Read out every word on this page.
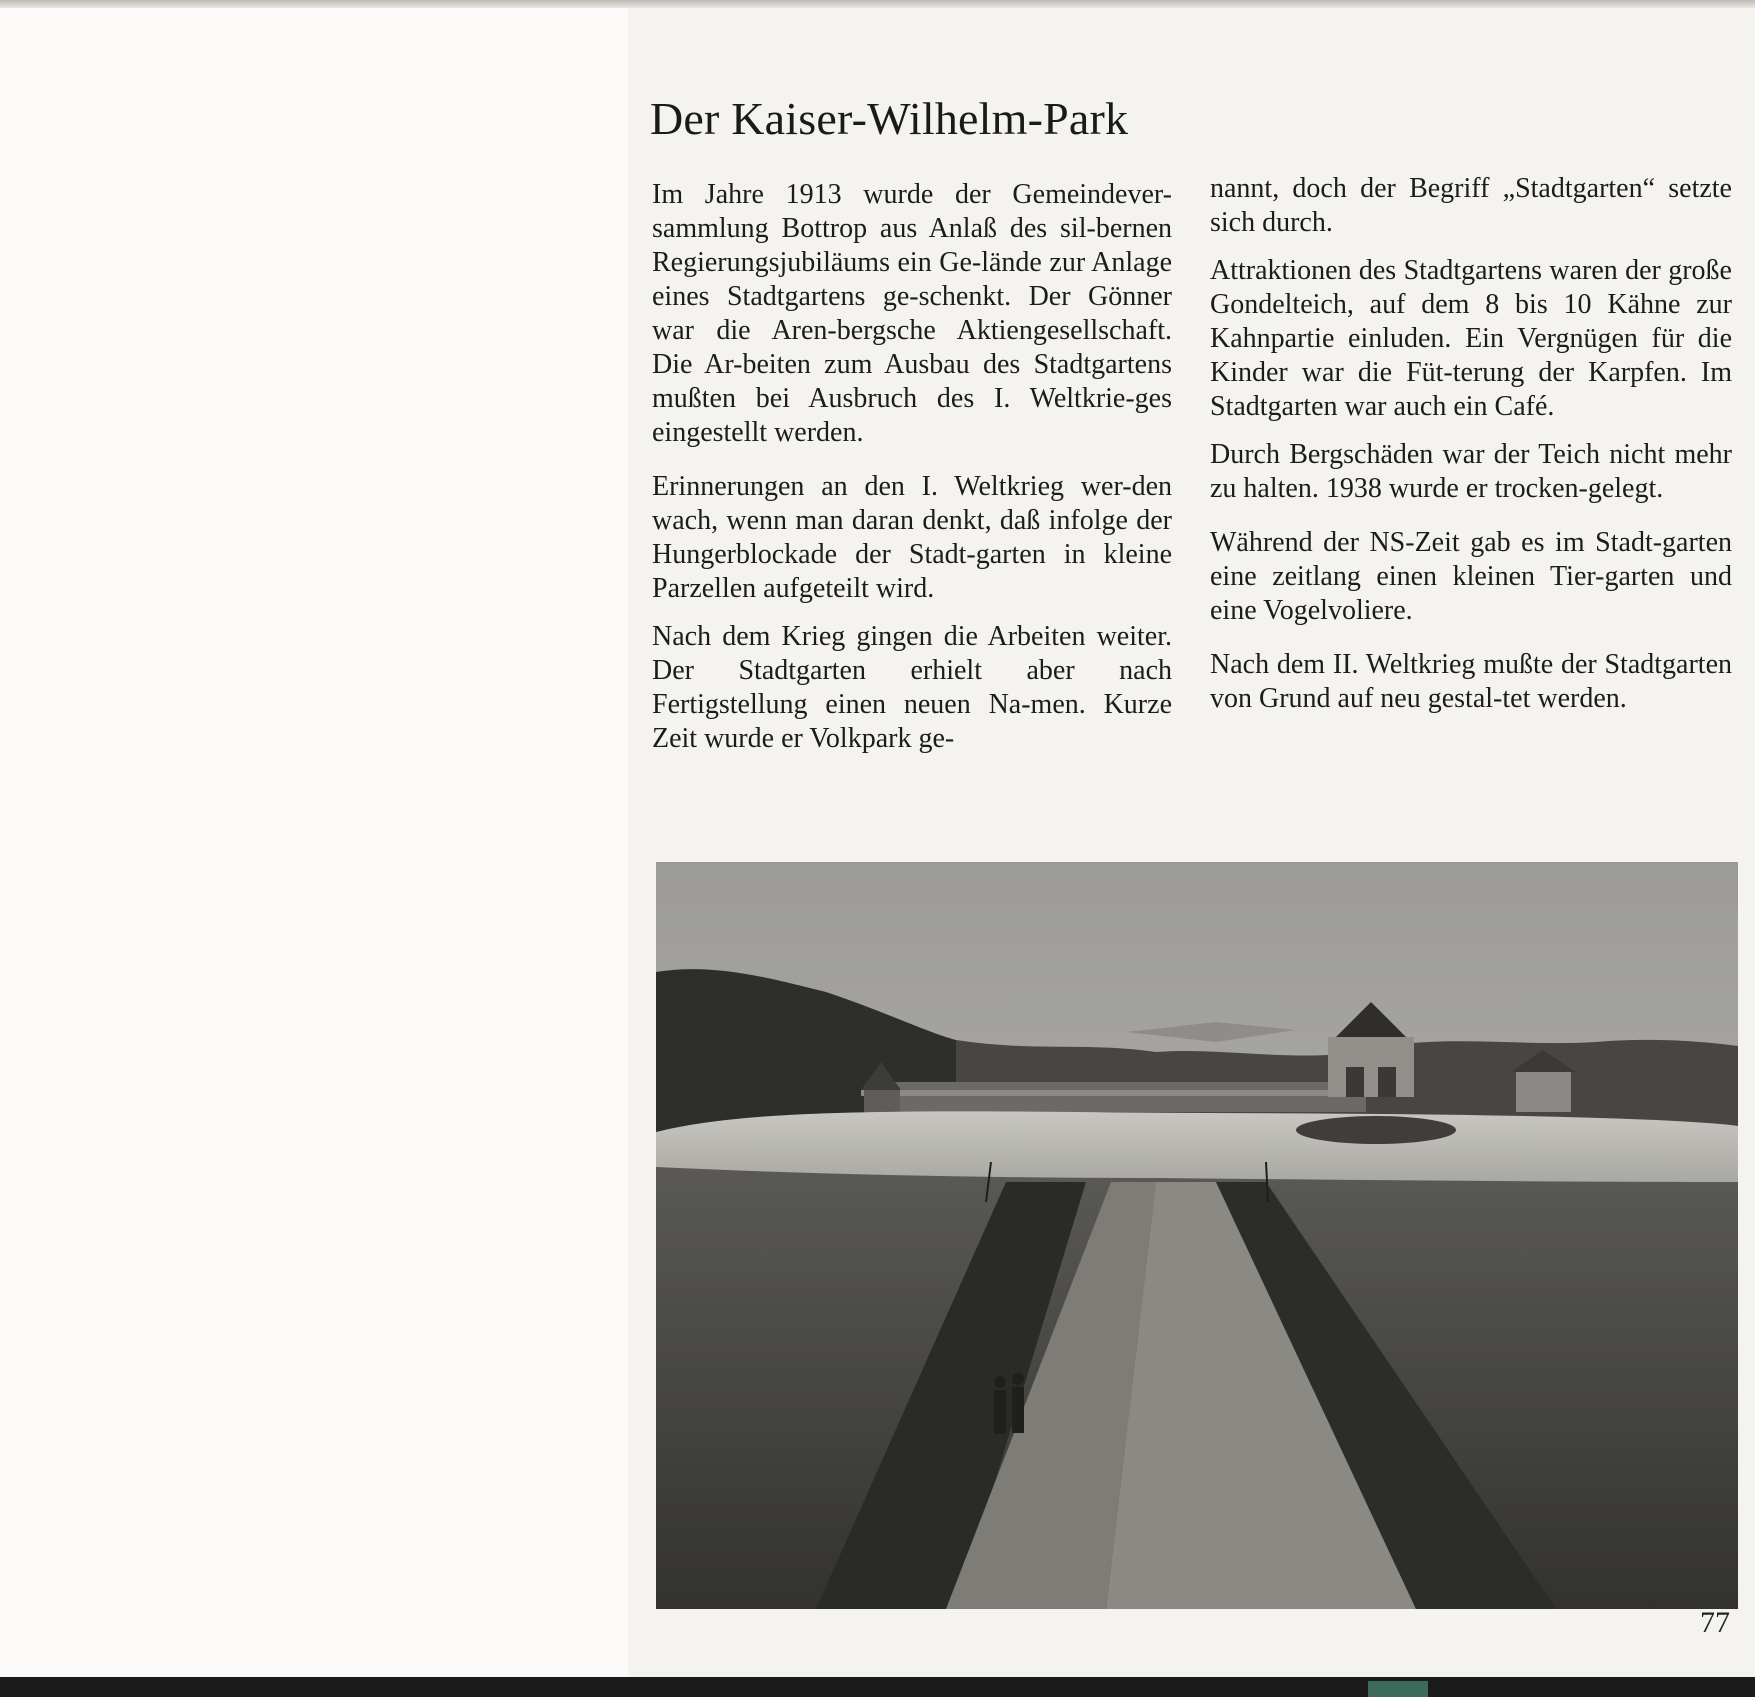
Der Kaiser-Wilhelm-Park

Im Jahre 1913 wurde der Gemeindever-sammlung Bottrop aus Anlaß des sil-bernen Regierungsjubiläums ein Ge-lände zur Anlage eines Stadtgartens ge-schenkt. Der Gönner war die Aren-bergsche Aktiengesellschaft. Die Ar-beiten zum Ausbau des Stadtgartens mußten bei Ausbruch des I. Weltkrie-ges eingestellt werden.

Erinnerungen an den I. Weltkrieg wer-den wach, wenn man daran denkt, daß infolge der Hungerblockade der Stadt-garten in kleine Parzellen aufgeteilt wird.

Nach dem Krieg gingen die Arbeiten weiter. Der Stadtgarten erhielt aber nach Fertigstellung einen neuen Na-men. Kurze Zeit wurde er Volkpark ge-

nannt, doch der Begriff „Stadtgarten“ setzte sich durch.

Attraktionen des Stadtgartens waren der große Gondelteich, auf dem 8 bis 10 Kähne zur Kahnpartie einluden. Ein Vergnügen für die Kinder war die Füt-terung der Karpfen. Im Stadtgarten war auch ein Café.

Durch Bergschäden war der Teich nicht mehr zu halten. 1938 wurde er trocken-gelegt.

Während der NS-Zeit gab es im Stadt-garten eine zeitlang einen kleinen Tier-garten und eine Vogelvoliere.

Nach dem II. Weltkrieg mußte der Stadtgarten von Grund auf neu gestal-tet werden.

77
